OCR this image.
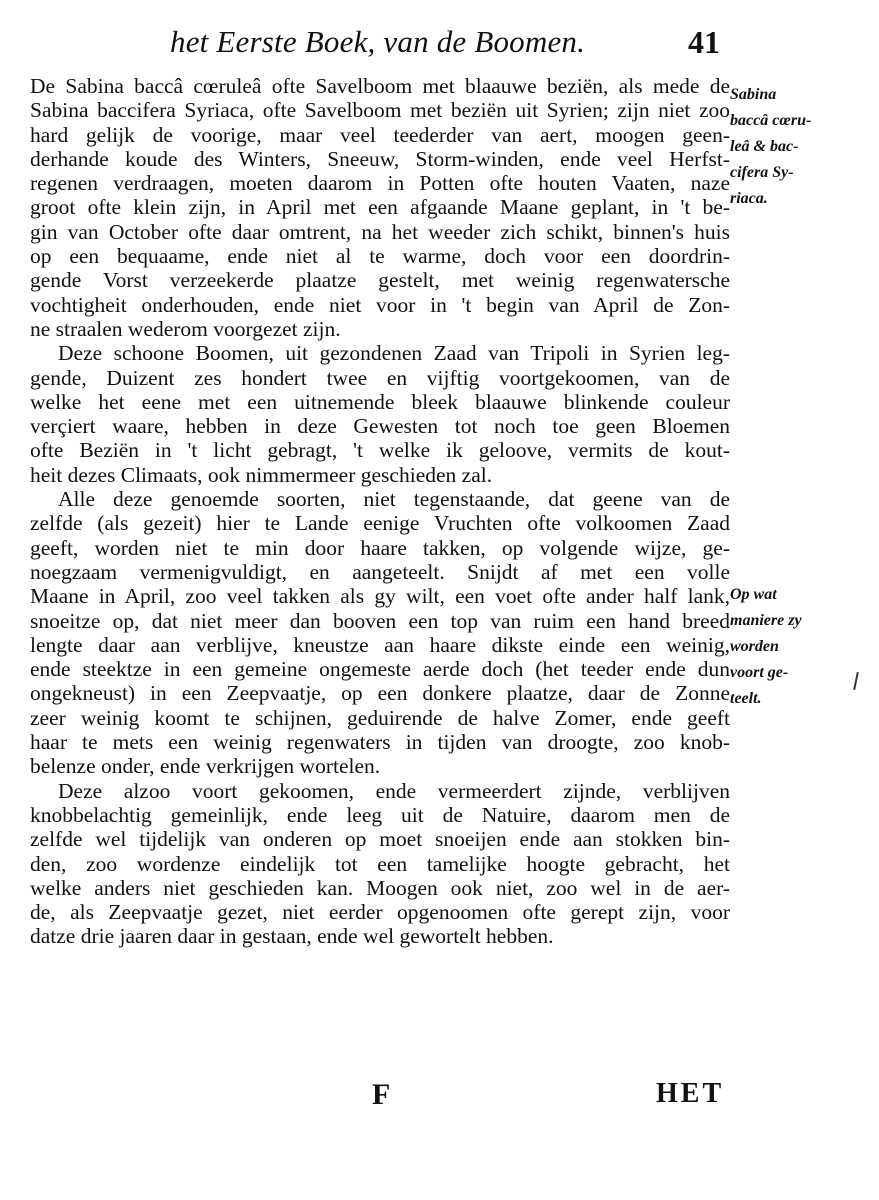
het Eerste Boek, van de Boomen.	41
De Sabina baccâ cœruleâ ofte Savelboom met blaauwe beziën, als mede de
Sabina baccifera Syriaca, ofte Savelboom met beziën uit Syrien; zijn niet zoo
hard gelijk de voorige, maar veel teederder van aert, moogen geen-
derhande koude des Winters, Sneeuw, Storm-winden, ende veel Herfst-
regenen verdraagen, moeten daarom in Potten ofte houten Vaaten, naze
groot ofte klein zijn, in April met een afgaande Maane geplant, in 't be-
gin van October ofte daar omtrent, na het weeder zich schikt, binnen's huis
op een bequaame, ende niet al te warme, doch voor een doordrin-
gende Vorst verzeekerde plaatze gestelt, met weinig regenwatersche
vochtigheit onderhouden, ende niet voor in 't begin van April de Zon-
ne straalen wederom voorgezet zijn.
Deze schoone Boomen, uit gezondenen Zaad van Tripoli in Syrien leg-
gende, Duizent zes hondert twee en vijftig voortgekoomen, van de
welke het eene met een uitnemende bleek blaauwe blinkende couleur
verçiert waare, hebben in deze Gewesten tot noch toe geen Bloemen
ofte Beziën in 't licht gebragt, 't welke ik geloove, vermits de kout-
heit dezes Climaats, ook nimmermeer geschieden zal.
Alle deze genoemde soorten, niet tegenstaande, dat geene van de
zelfde (als gezeit) hier te Lande eenige Vruchten ofte volkoomen Zaad
geeft, worden niet te min door haare takken, op volgende wijze, ge-
noegzaam vermenigvuldigt, en aangeteelt. Snijdt af met een volle
Maane in April, zoo veel takken als gy wilt, een voet ofte ander half lank,
snoeitze op, dat niet meer dan booven een top van ruim een hand breed
lengte daar aan verblijve, kneustze aan haare dikste einde een weinig,
ende steektze in een gemeine ongemeste aerde doch (het teeder ende dun
ongekneust) in een Zeepvaatje, op een donkere plaatze, daar de Zonne
zeer weinig koomt te schijnen, geduirende de halve Zomer, ende geeft
haar te mets een weinig regenwaters in tijden van droogte, zoo knob-
belenze onder, ende verkrijgen wortelen.
Deze alzoo voort gekoomen, ende vermeerdert zijnde, verblijven
knobbelachtig gemeinlijk, ende leeg uit de Natuire, daarom men de
zelfde wel tijdelijk van onderen op moet snoeijen ende aan stokken bin-
den, zoo wordenze eindelijk tot een tamelijke hoogte gebracht, het
welke anders niet geschieden kan. Moogen ook niet, zoo wel in de aer-
de, als Zeepvaatje gezet, niet eerder opgenoomen ofte gerept zijn, voor
datze drie jaaren daar in gestaan, ende wel gewortelt hebben.
Sabina
baccâ cœru-
leâ & bac-
cifera Sy-
riaca.
Op wat
maniere zy
worden
voort ge-
teelt.
F	HET
